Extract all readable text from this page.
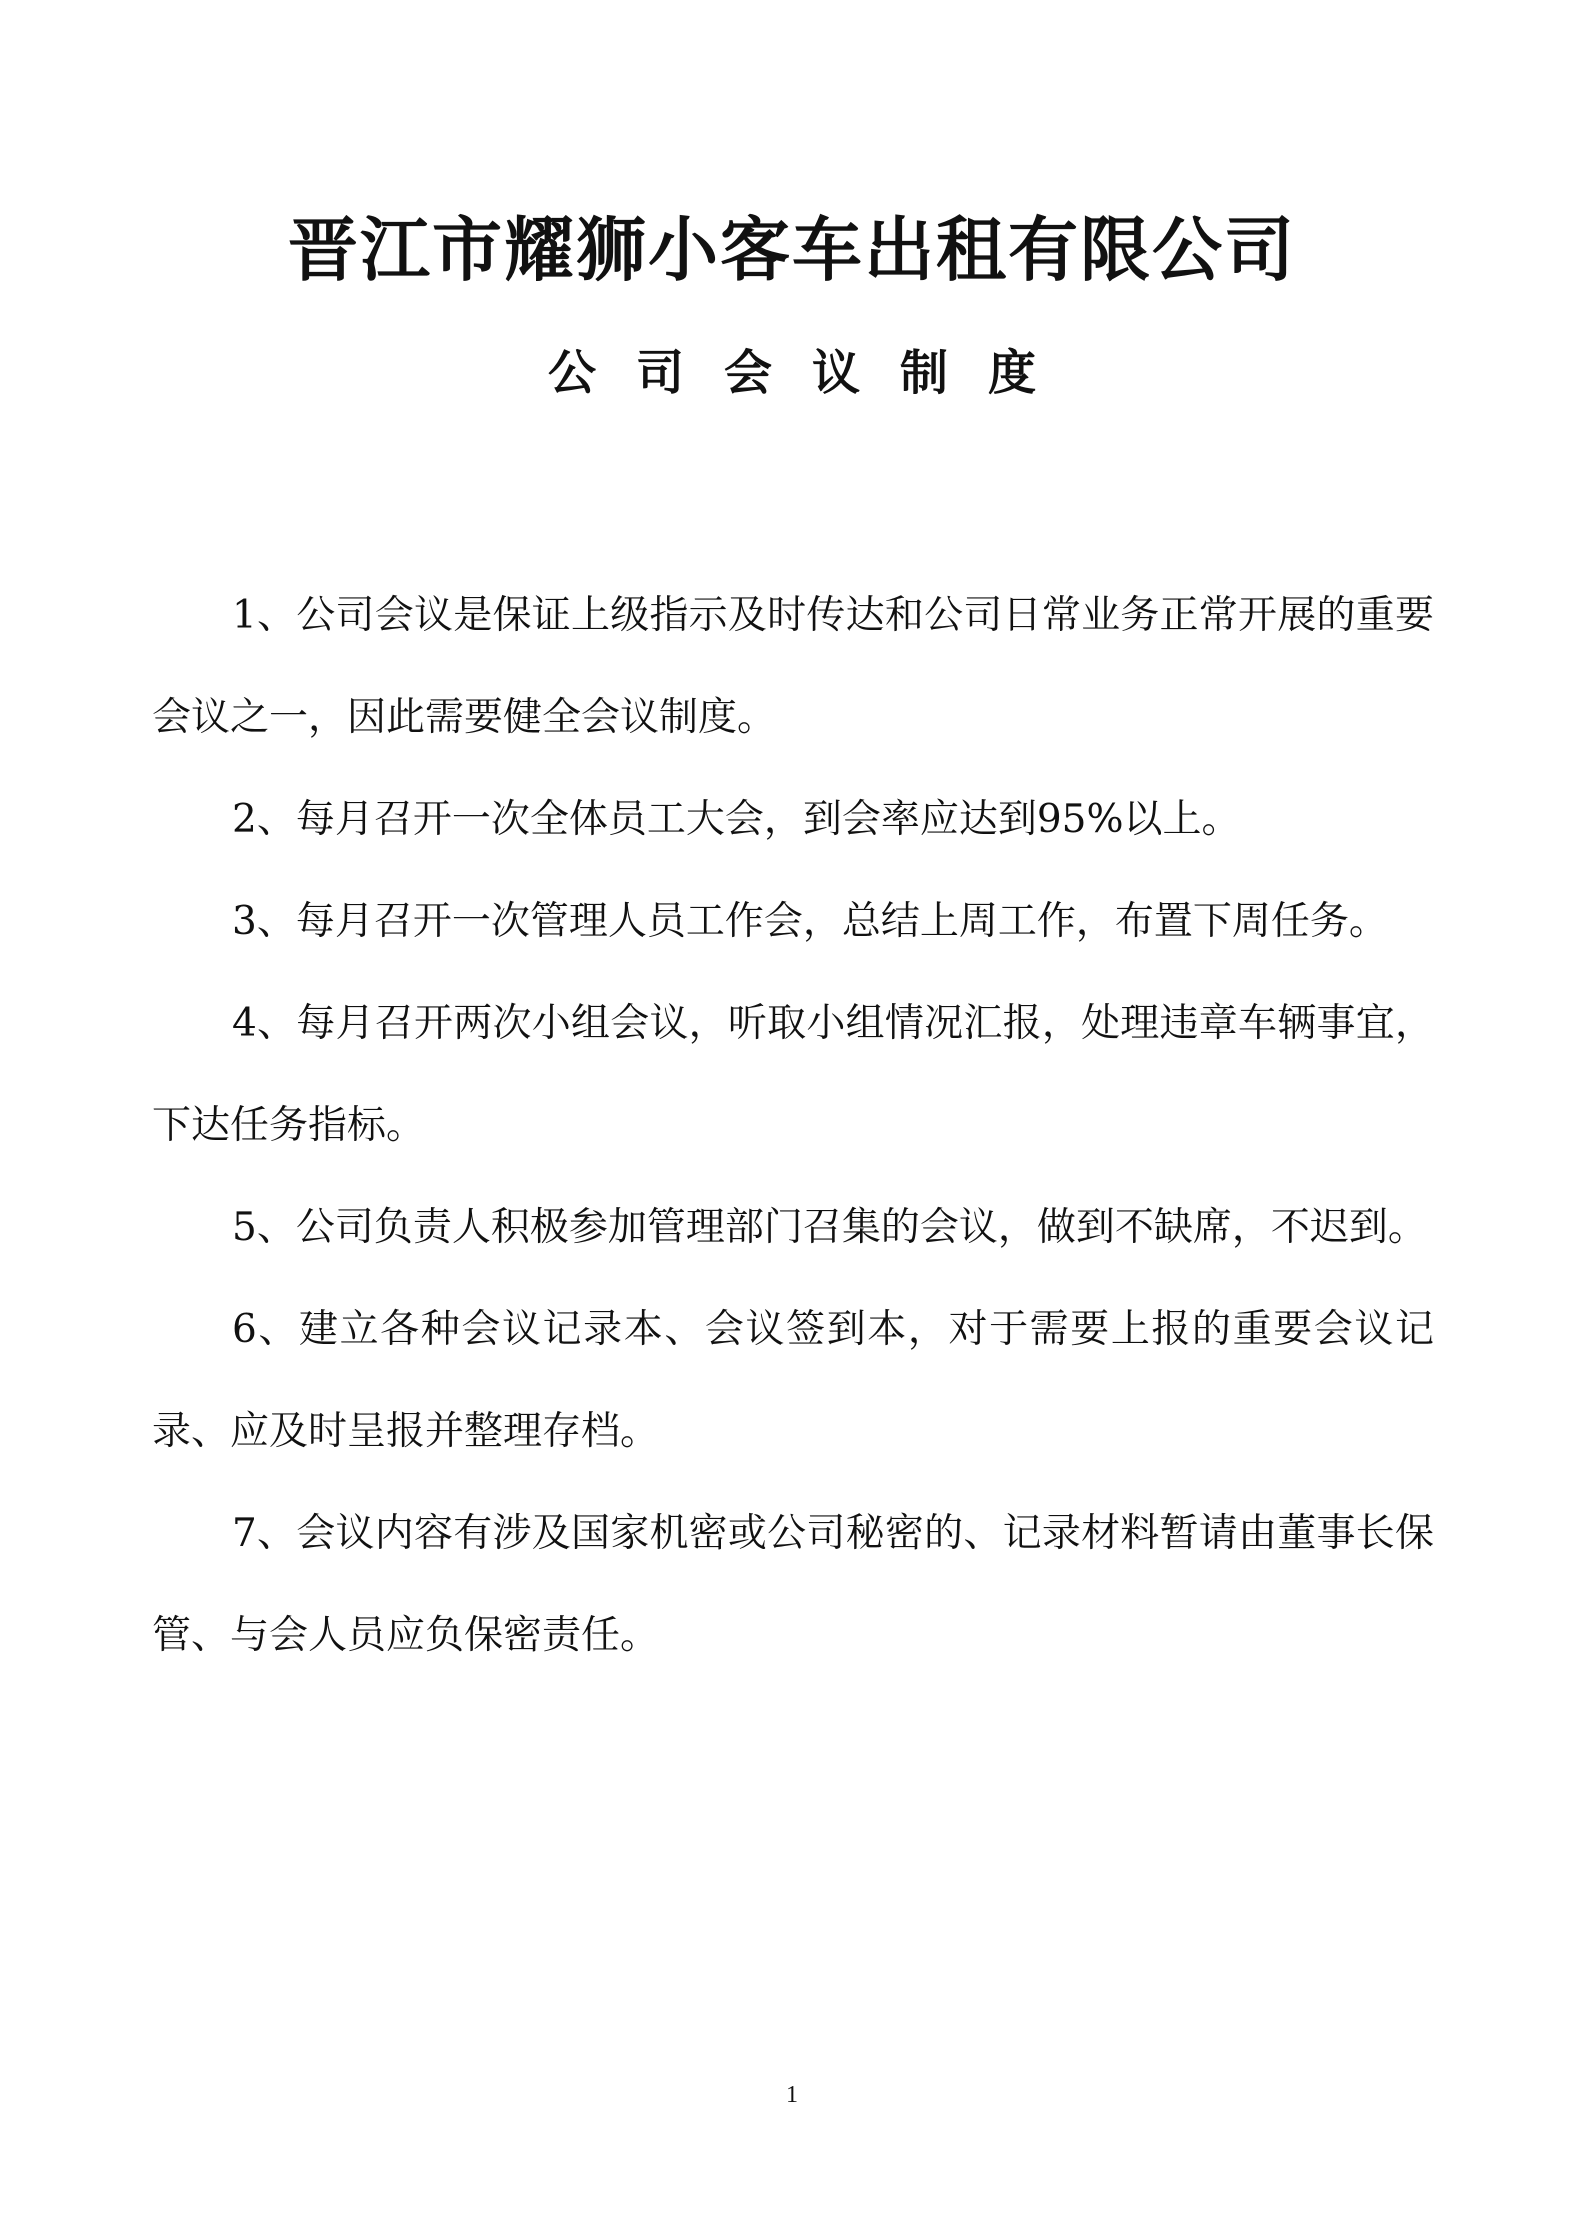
晋江市耀狮小客车出租有限公司
公司会议制度

1、公司会议是保证上级指示及时传达和公司日常业务正常开展的重要会议之一，因此需要健全会议制度。

2、每月召开一次全体员工大会，到会率应达到95%以上。

3、每月召开一次管理人员工作会，总结上周工作，布置下周任务。

4、每月召开两次小组会议，听取小组情况汇报，处理违章车辆事宜，下达任务指标。

5、公司负责人积极参加管理部门召集的会议，做到不缺席，不迟到。

6、建立各种会议记录本、会议签到本，对于需要上报的重要会议记录、应及时呈报并整理存档。

7、会议内容有涉及国家机密或公司秘密的、记录材料暂请由董事长保管、与会人员应负保密责任。

1
